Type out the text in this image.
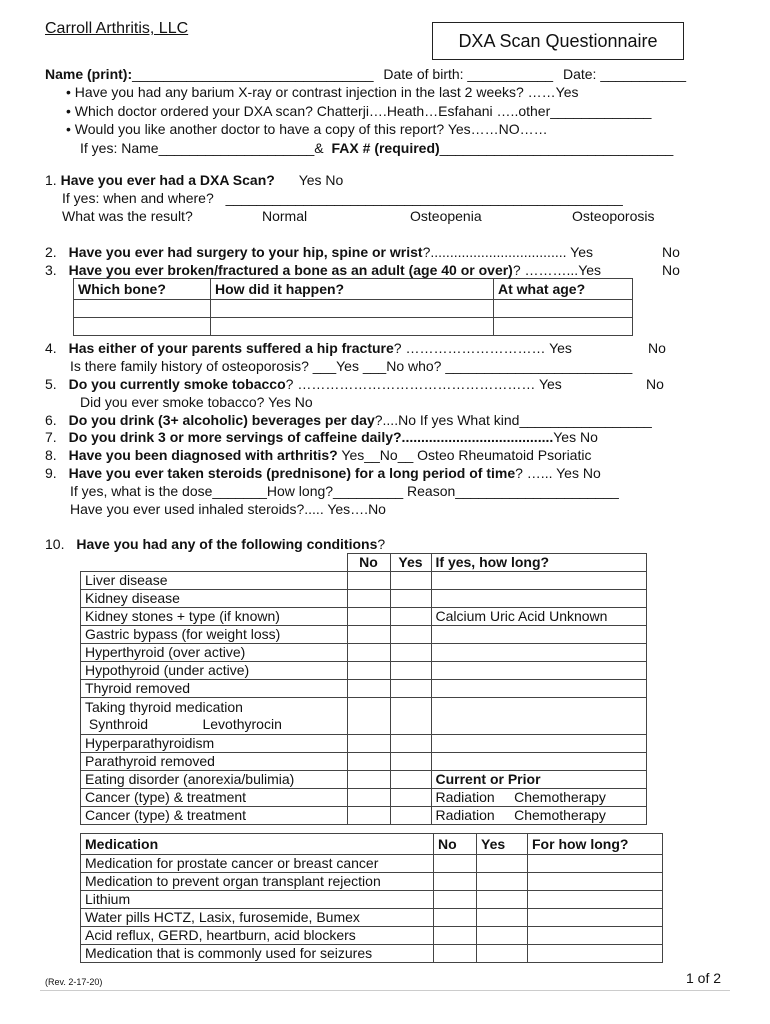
Carroll Arthritis, LLC
DXA Scan Questionnaire
Name (print):_______________________________ Date of birth: ___________ Date: ___________
• Have you had any barium X-ray or contrast injection in the last 2 weeks? ……Yes
• Which doctor ordered your DXA scan? Chatterji….Heath…Esfahani …..other_____________
• Would you like another doctor to have a copy of this report? Yes……NO……
If yes: Name____________________& FAX # (required)______________________________
1. Have you ever had a DXA Scan? Yes No
If yes: when and where? ___________________________________________________
What was the result?	Normal	Osteopenia	Osteoporosis
2. Have you ever had surgery to your hip, spine or wrist?................................... Yes	No
3. Have you ever broken/fractured a bone as an adult (age 40 or over)? ………...Yes	No
Which bone?	How did it happen?	At what age?

4. Has either of your parents suffered a hip fracture? ………………………… Yes	No
Is there family history of osteoporosis? ___Yes ___No who? ________________________
5. Do you currently smoke tobacco? …………………………………………… Yes	No
Did you ever smoke tobacco? Yes No
6. Do you drink (3+ alcoholic) beverages per day?....No If yes What kind_________________
7. Do you drink 3 or more servings of caffeine daily?.......................................Yes No
8. Have you been diagnosed with arthritis? Yes__No__ Osteo Rheumatoid Psoriatic
9. Have you ever taken steroids (prednisone) for a long period of time? …... Yes No
If yes, what is the dose_______How long?_________ Reason_____________________
Have you ever used inhaled steroids?..... Yes….No
10. Have you had any of the following conditions?
	No	Yes	If yes, how long?
Liver disease			
Kidney disease			
Kidney stones + type (if known)			Calcium Uric Acid Unknown
Gastric bypass (for weight loss)			
Hyperthyroid (over active)			
Hypothyroid (under active)			
Thyroid removed			
Taking thyroid medication
Synthroid              Levothyrocin			
Hyperparathyroidism			
Parathyroid removed			
Eating disorder (anorexia/bulimia)			Current or Prior
Cancer (type) & treatment			Radiation     Chemotherapy
Cancer (type) & treatment			Radiation     Chemotherapy
Medication	No	Yes	For how long?
Medication for prostate cancer or breast cancer			
Medication to prevent organ transplant rejection			
Lithium			
Water pills HCTZ, Lasix, furosemide, Bumex			
Acid reflux, GERD, heartburn, acid blockers			
Medication that is commonly used for seizures			
(Rev. 2-17-20)	1 of 2
